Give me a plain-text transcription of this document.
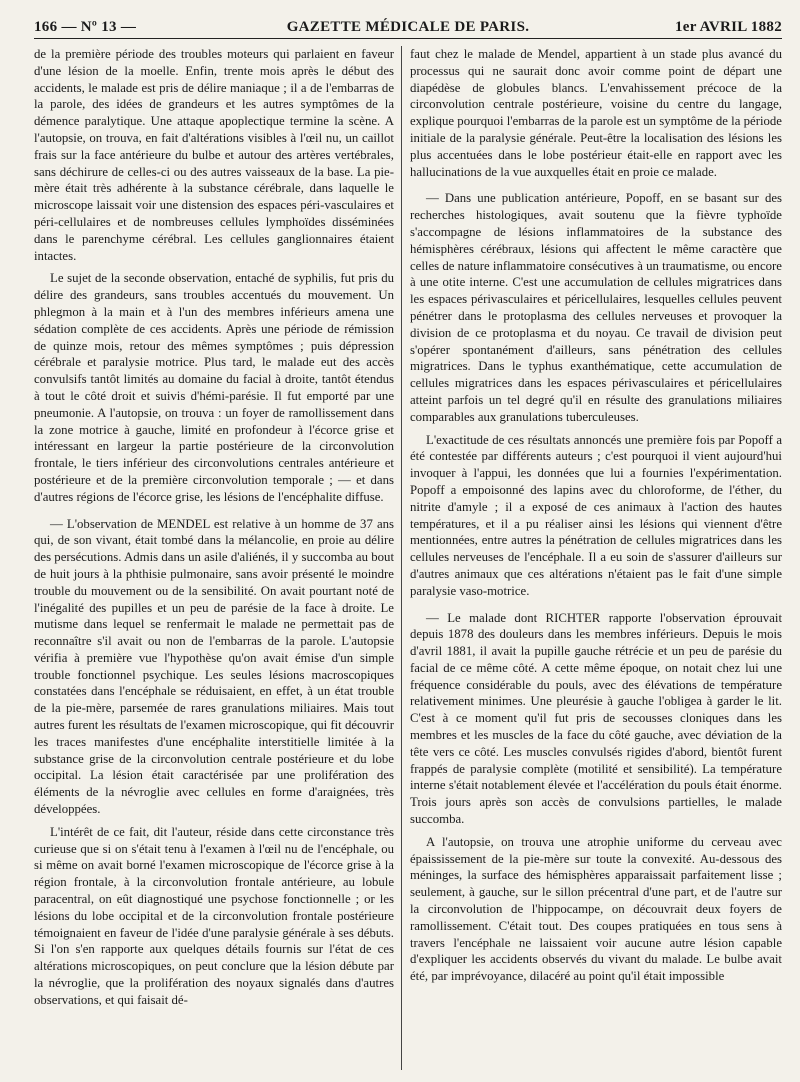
166 — Nº 13 —	GAZETTE MÉDICALE DE PARIS.	1er AVRIL 1882

de la première période des troubles moteurs qui parlaient en faveur d'une lésion de la moelle. Enfin, trente mois après le début des accidents, le malade est pris de délire maniaque ; il a de l'embarras de la parole, des idées de grandeurs et les autres symptômes de la démence paralytique. Une attaque apoplectique termine la scène. A l'autopsie, on trouva, en fait d'altérations visibles à l'œil nu, un caillot frais sur la face antérieure du bulbe et autour des artères vertébrales, sans déchirure de celles-ci ou des autres vaisseaux de la base. La pie-mère était très adhérente à la substance cérébrale, dans laquelle le microscope laissait voir une distension des espaces péri-vasculaires et péri-cellulaires et de nombreuses cellules lymphoïdes disséminées dans le parenchyme cérébral. Les cellules ganglionnaires étaient intactes.

Le sujet de la seconde observation, entaché de syphilis, fut pris du délire des grandeurs, sans troubles accentués du mouvement. Un phlegmon à la main et à l'un des membres inférieurs amena une sédation complète de ces accidents. Après une période de rémission de quinze mois, retour des mêmes symptômes ; puis dépression cérébrale et paralysie motrice. Plus tard, le malade eut des accès convulsifs tantôt limités au domaine du facial à droite, tantôt étendus à tout le côté droit et suivis d'hémi-parésie. Il fut emporté par une pneumonie. A l'autopsie, on trouva : un foyer de ramollissement dans la zone motrice à gauche, limité en profondeur à l'écorce grise et intéressant en largeur la partie postérieure de la circonvolution frontale, le tiers inférieur des circonvolutions centrales antérieure et postérieure et de la première circonvolution temporale ; — et dans d'autres régions de l'écorce grise, les lésions de l'encéphalite diffuse.

— L'observation de MENDEL est relative à un homme de 37 ans qui, de son vivant, était tombé dans la mélancolie, en proie au délire des persécutions. Admis dans un asile d'aliénés, il y succomba au bout de huit jours à la phthisie pulmonaire, sans avoir présenté le moindre trouble du mouvement ou de la sensibilité. On avait pourtant noté de l'inégalité des pupilles et un peu de parésie de la face à droite. Le mutisme dans lequel se renfermait le malade ne permettait pas de reconnaître s'il avait ou non de l'embarras de la parole. L'autopsie vérifia à première vue l'hypothèse qu'on avait émise d'un simple trouble fonctionnel psychique. Les seules lésions macroscopiques constatées dans l'encéphale se réduisaient, en effet, à un état trouble de la pie-mère, parsemée de rares granulations miliaires. Mais tout autres furent les résultats de l'examen microscopique, qui fit découvrir les traces manifestes d'une encéphalite interstitielle limitée à la substance grise de la circonvolution centrale postérieure et du lobe occipital. La lésion était caractérisée par une prolifération des éléments de la névroglie avec cellules en forme d'araignées, très développées.

L'intérêt de ce fait, dit l'auteur, réside dans cette circonstance très curieuse que si on s'était tenu à l'examen à l'œil nu de l'encéphale, ou si même on avait borné l'examen microscopique de l'écorce grise à la région frontale, à la circonvolution frontale antérieure, au lobule paracentral, on eût diagnostiqué une psychose fonctionnelle ; or les lésions du lobe occipital et de la circonvolution frontale postérieure témoignaient en faveur de l'idée d'une paralysie générale à ses débuts. Si l'on s'en rapporte aux quelques détails fournis sur l'état de ces altérations microscopiques, on peut conclure que la lésion débute par la névroglie, que la prolifération des noyaux signalés dans d'autres observations, et qui faisait dé-

faut chez le malade de Mendel, appartient à un stade plus avancé du processus qui ne saurait donc avoir comme point de départ une diapédèse de globules blancs. L'envahissement précoce de la circonvolution centrale postérieure, voisine du centre du langage, explique pourquoi l'embarras de la parole est un symptôme de la période initiale de la paralysie générale. Peut-être la localisation des lésions les plus accentuées dans le lobe postérieur était-elle en rapport avec les hallucinations de la vue auxquelles était en proie ce malade.

— Dans une publication antérieure, Popoff, en se basant sur des recherches histologiques, avait soutenu que la fièvre typhoïde s'accompagne de lésions inflammatoires de la substance des hémisphères cérébraux, lésions qui affectent le même caractère que celles de nature inflammatoire consécutives à un traumatisme, ou encore à une otite interne. C'est une accumulation de cellules migratrices dans les espaces périvasculaires et péricellulaires, lesquelles cellules peuvent pénétrer dans le protoplasma des cellules nerveuses et provoquer la division de ce protoplasma et du noyau. Ce travail de division peut s'opérer spontanément d'ailleurs, sans pénétration des cellules migratrices. Dans le typhus exanthématique, cette accumulation de cellules migratrices dans les espaces périvasculaires et péricellulaires atteint parfois un tel degré qu'il en résulte des granulations miliaires comparables aux granulations tuberculeuses.

L'exactitude de ces résultats annoncés une première fois par Popoff a été contestée par différents auteurs ; c'est pourquoi il vient aujourd'hui invoquer à l'appui, les données que lui a fournies l'expérimentation. Popoff a empoisonné des lapins avec du chloroforme, de l'éther, du nitrite d'amyle ; il a exposé de ces animaux à l'action des hautes températures, et il a pu réaliser ainsi les lésions qui viennent d'être mentionnées, entre autres la pénétration de cellules migratrices dans les cellules nerveuses de l'encéphale. Il a eu soin de s'assurer d'ailleurs sur d'autres animaux que ces altérations n'étaient pas le fait d'une simple paralysie vaso-motrice.

— Le malade dont RICHTER rapporte l'observation éprouvait depuis 1878 des douleurs dans les membres inférieurs. Depuis le mois d'avril 1881, il avait la pupille gauche rétrécie et un peu de parésie du facial de ce même côté. A cette même époque, on notait chez lui une fréquence considérable du pouls, avec des élévations de température relativement minimes. Une pleurésie à gauche l'obligea à garder le lit. C'est à ce moment qu'il fut pris de secousses cloniques dans les membres et les muscles de la face du côté gauche, avec déviation de la tête vers ce côté. Les muscles convulsés rigides d'abord, bientôt furent frappés de paralysie complète (motilité et sensibilité). La température interne s'était notablement élevée et l'accélération du pouls était énorme. Trois jours après son accès de convulsions partielles, le malade succomba.

A l'autopsie, on trouva une atrophie uniforme du cerveau avec épaississement de la pie-mère sur toute la convexité. Au-dessous des méninges, la surface des hémisphères apparaissait parfaitement lisse ; seulement, à gauche, sur le sillon précentral d'une part, et de l'autre sur la circonvolution de l'hippocampe, on découvrait deux foyers de ramollissement. C'était tout. Des coupes pratiquées en tous sens à travers l'encéphale ne laissaient voir aucune autre lésion capable d'expliquer les accidents observés du vivant du malade. Le bulbe avait été, par imprévoyance, dilacéré au point qu'il était impossible
